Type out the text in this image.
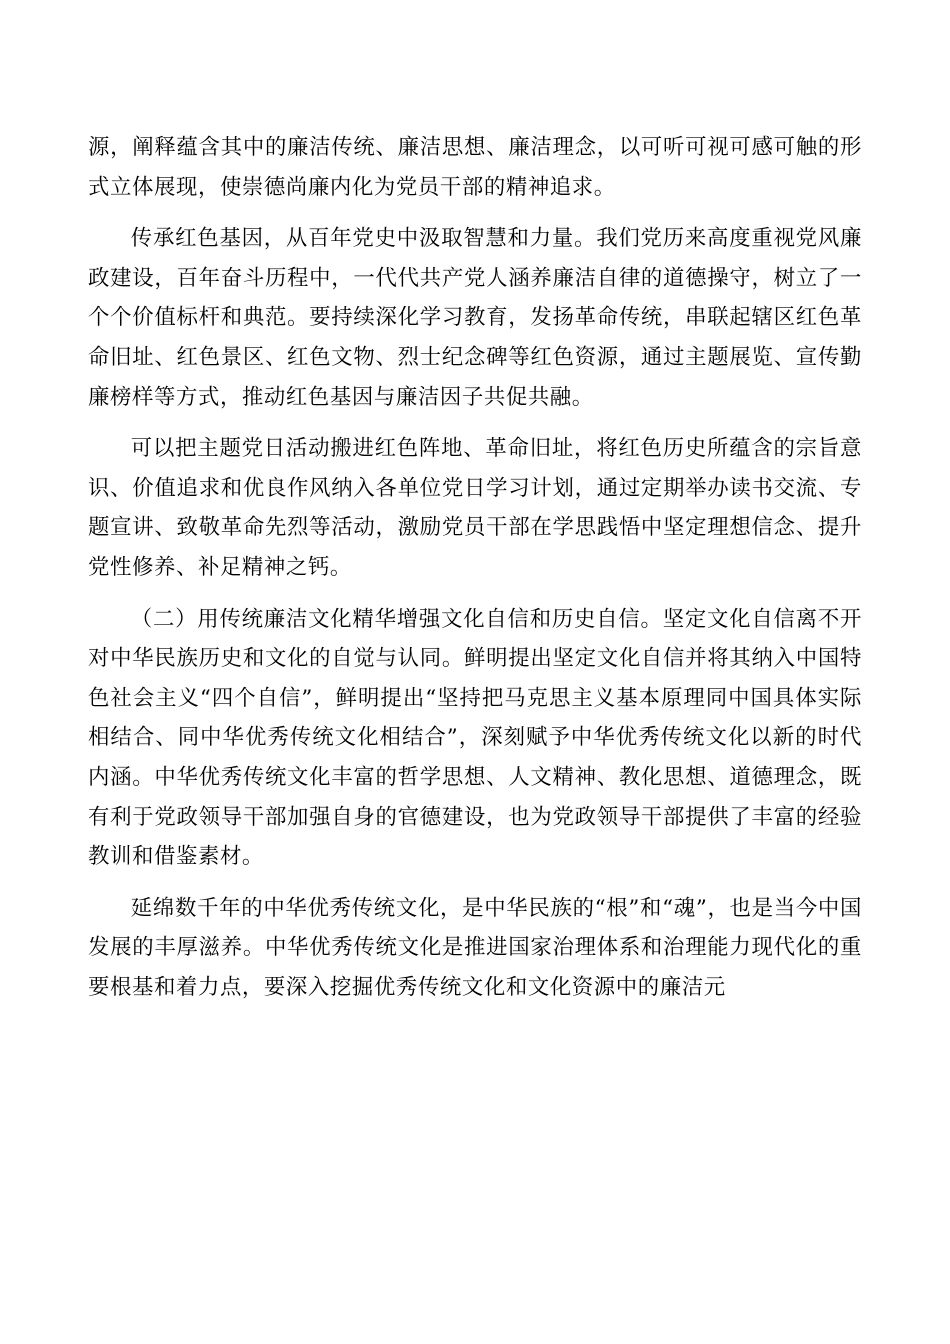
源，阐释蕴含其中的廉洁传统、廉洁思想、廉洁理念，以可听可视可感可触的形式立体展现，使崇德尚廉内化为党员干部的精神追求。

传承红色基因，从百年党史中汲取智慧和力量。我们党历来高度重视党风廉政建设，百年奋斗历程中，一代代共产党人涵养廉洁自律的道德操守，树立了一个个价值标杆和典范。要持续深化学习教育，发扬革命传统，串联起辖区红色革命旧址、红色景区、红色文物、烈士纪念碑等红色资源，通过主题展览、宣传勤廉榜样等方式，推动红色基因与廉洁因子共促共融。

可以把主题党日活动搬进红色阵地、革命旧址，将红色历史所蕴含的宗旨意识、价值追求和优良作风纳入各单位党日学习计划，通过定期举办读书交流、专题宣讲、致敬革命先烈等活动，激励党员干部在学思践悟中坚定理想信念、提升党性修养、补足精神之钙。

（二）用传统廉洁文化精华增强文化自信和历史自信。坚定文化自信离不开对中华民族历史和文化的自觉与认同。鲜明提出坚定文化自信并将其纳入中国特色社会主义“四个自信”，鲜明提出“坚持把马克思主义基本原理同中国具体实际相结合、同中华优秀传统文化相结合”，深刻赋予中华优秀传统文化以新的时代内涵。中华优秀传统文化丰富的哲学思想、人文精神、教化思想、道德理念，既有利于党政领导干部加强自身的官德建设，也为党政领导干部提供了丰富的经验教训和借鉴素材。

延绵数千年的中华优秀传统文化，是中华民族的“根”和“魂”，也是当今中国发展的丰厚滋养。中华优秀传统文化是推进国家治理体系和治理能力现代化的重要根基和着力点，要深入挖掘优秀传统文化和文化资源中的廉洁元
